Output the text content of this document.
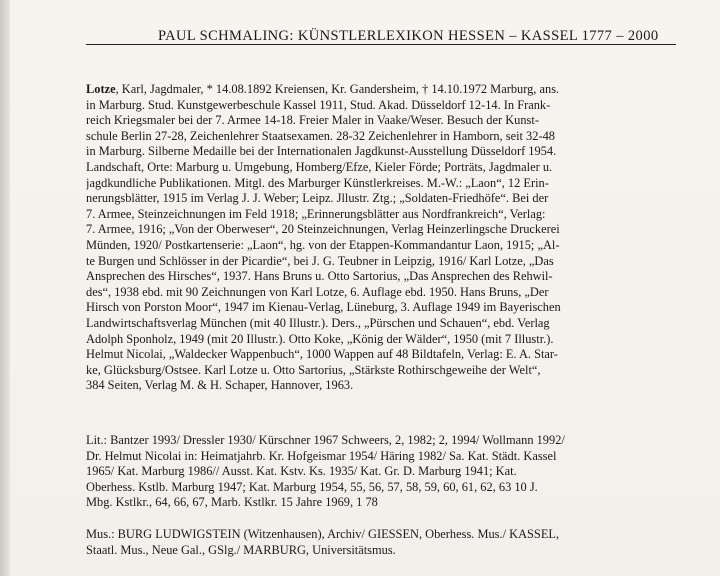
PAUL SCHMALING: KÜNSTLERLEXIKON HESSEN – KASSEL 1777 – 2000
Lotze, Karl, Jagdmaler, * 14.08.1892 Kreiensen, Kr. Gandersheim, † 14.10.1972 Marburg, ans.
in Marburg. Stud. Kunstgewerbeschule Kassel 1911, Stud. Akad. Düsseldorf 12-14. In Frank-
reich Kriegsmaler bei der 7. Armee 14-18. Freier Maler in Vaake/Weser. Besuch der Kunst-
schule Berlin 27-28, Zeichenlehrer Staatsexamen. 28-32 Zeichenlehrer in Hamborn, seit 32-48
in Marburg. Silberne Medaille bei der Internationalen Jagdkunst-Ausstellung Düsseldorf 1954.
Landschaft, Orte: Marburg u. Umgebung, Homberg/Efze, Kieler Förde; Porträts, Jagdmaler u.
jagdkundliche Publikationen. Mitgl. des Marburger Künstlerkreises. M.-W.: „Laon“, 12 Erin-
nerungsblätter, 1915 im Verlag J. J. Weber; Leipz. Jllustr. Ztg.; „Soldaten-Friedhöfe“. Bei der
7. Armee, Steinzeichnungen im Feld 1918; „Erinnerungsblätter aus Nordfrankreich“, Verlag:
7. Armee, 1916; „Von der Oberweser“, 20 Steinzeichnungen, Verlag Heinzerlingsche Druckerei
Münden, 1920/ Postkartenserie: „Laon“, hg. von der Etappen-Kommandantur Laon, 1915; „Al-
te Burgen und Schlösser in der Picardie“, bei J. G. Teubner in Leipzig, 1916/ Karl Lotze, „Das
Ansprechen des Hirsches“, 1937. Hans Bruns u. Otto Sartorius, „Das Ansprechen des Rehwil-
des“, 1938 ebd. mit 90 Zeichnungen von Karl Lotze, 6. Auflage ebd. 1950. Hans Bruns, „Der
Hirsch von Porston Moor“, 1947 im Kienau-Verlag, Lüneburg, 3. Auflage 1949 im Bayerischen
Landwirtschaftsverlag München (mit 40 Illustr.). Ders., „Pürschen und Schauen“, ebd. Verlag
Adolph Sponholz, 1949 (mit 20 Illustr.). Otto Koke, „König der Wälder“, 1950 (mit 7 Illustr.).
Helmut Nicolai, „Waldecker Wappenbuch“, 1000 Wappen auf 48 Bildtafeln, Verlag: E. A. Star-
ke, Glücksburg/Ostsee. Karl Lotze u. Otto Sartorius, „Stärkste Rothirschgeweihe der Welt“,
384 Seiten, Verlag M. & H. Schaper, Hannover, 1963.
Lit.: Bantzer 1993/ Dressler 1930/ Kürschner 1967 Schweers, 2, 1982; 2, 1994/ Wollmann 1992/
Dr. Helmut Nicolai in: Heimatjahrb. Kr. Hofgeismar 1954/ Häring 1982/ Sa. Kat. Städt. Kassel
1965/ Kat. Marburg 1986// Ausst. Kat. Kstv. Ks. 1935/ Kat. Gr. D. Marburg 1941; Kat.
Oberhess. Kstlb. Marburg 1947; Kat. Marburg 1954, 55, 56, 57, 58, 59, 60, 61, 62, 63 10 J.
Mbg. Kstlkr., 64, 66, 67, Marb. Kstlkr. 15 Jahre 1969, 1 78
Mus.: BURG LUDWIGSTEIN (Witzenhausen), Archiv/ GIESSEN, Oberhess. Mus./ KASSEL,
Staatl. Mus., Neue Gal., GSlg./ MARBURG, Universitätsmus.
